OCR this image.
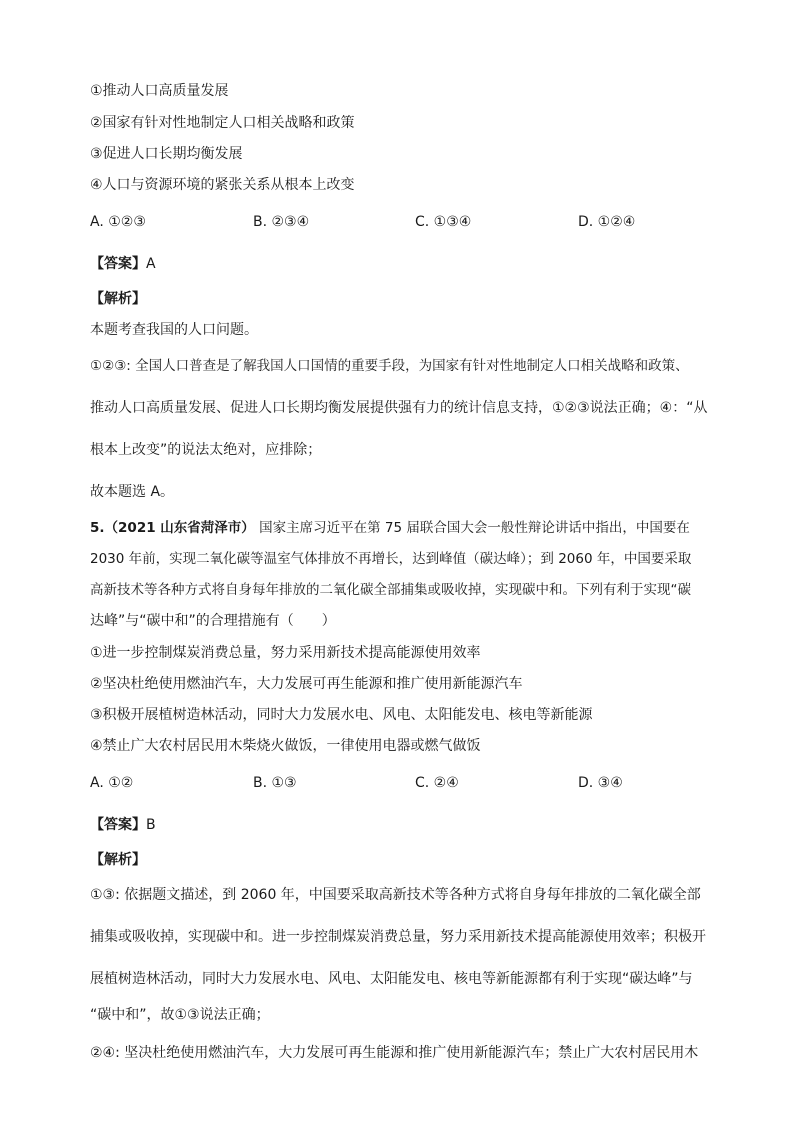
①推动人口高质量发展
②国家有针对性地制定人口相关战略和政策
③促进人口长期均衡发展
④人口与资源环境的紧张关系从根本上改变
A. ①②③	B. ②③④	C. ①③④	D. ①②④
【答案】A
【解析】
本题考查我国的人口问题。
①②③: 全国人口普查是了解我国人口国情的重要手段，为国家有针对性地制定人口相关战略和政策、
推动人口高质量发展、促进人口长期均衡发展提供强有力的统计信息支持，①②③说法正确；④：“从
根本上改变”的说法太绝对，应排除；
故本题选 A。
5.（2021 山东省菏泽市） 国家主席习近平在第 75 届联合国大会一般性辩论讲话中指出，中国要在
2030 年前，实现二氧化碳等温室气体排放不再增长，达到峰值（碳达峰）；到 2060 年，中国要采取
高新技术等各种方式将自身每年排放的二氧化碳全部捕集或吸收掉，实现碳中和。下列有利于实现“碳
达峰”与“碳中和”的合理措施有（　　）
①进一步控制煤炭消费总量，努力采用新技术提高能源使用效率
②坚决杜绝使用燃油汽车，大力发展可再生能源和推广使用新能源汽车
③积极开展植树造林活动，同时大力发展水电、风电、太阳能发电、核电等新能源
④禁止广大农村居民用木柴烧火做饭，一律使用电器或燃气做饭
A. ①②	B. ①③	C. ②④	D. ③④
【答案】B
【解析】
①③: 依据题文描述，到 2060 年，中国要采取高新技术等各种方式将自身每年排放的二氧化碳全部
捕集或吸收掉，实现碳中和。进一步控制煤炭消费总量，努力采用新技术提高能源使用效率；积极开
展植树造林活动，同时大力发展水电、风电、太阳能发电、核电等新能源都有利于实现“碳达峰”与
“碳中和”，故①③说法正确；
②④: 坚决杜绝使用燃油汽车，大力发展可再生能源和推广使用新能源汽车；禁止广大农村居民用木
